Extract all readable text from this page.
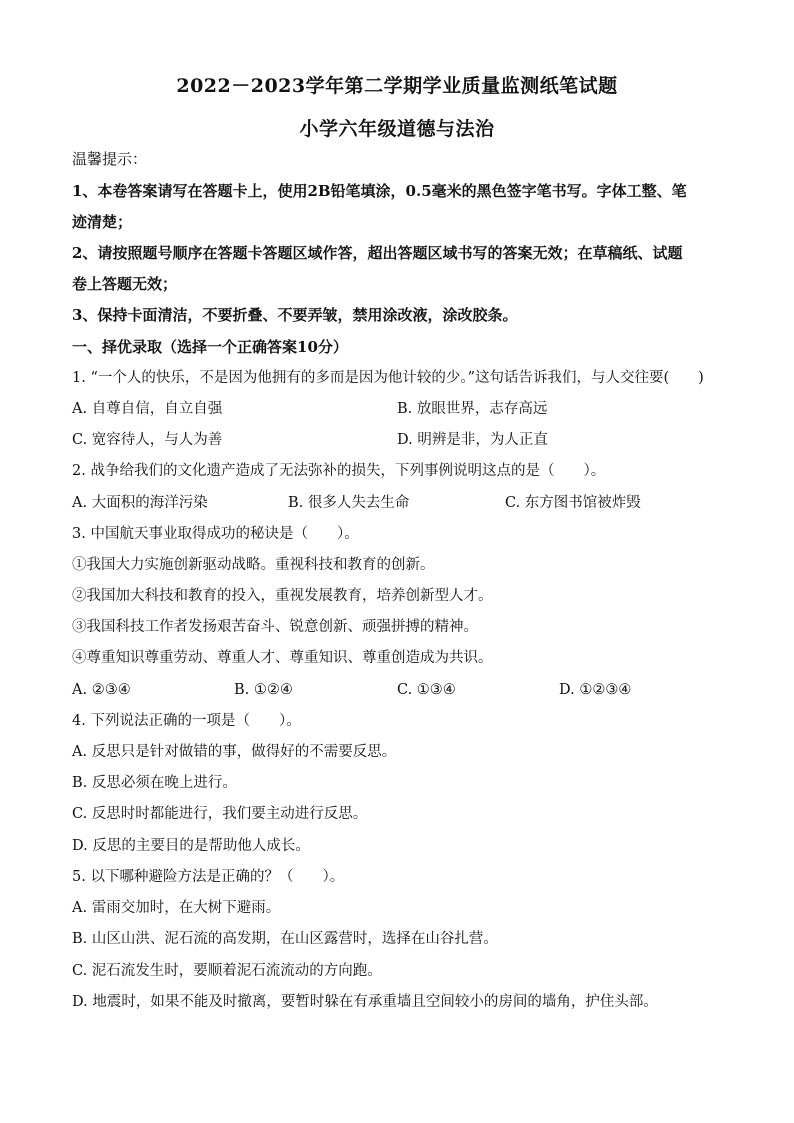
2022－2023学年第二学期学业质量监测纸笔试题
小学六年级道德与法治
温馨提示：
1、本卷答案请写在答题卡上，使用2B铅笔填涂，0.5毫米的黑色签字笔书写。字体工整、笔
迹清楚；
2、请按照题号顺序在答题卡答题区域作答，超出答题区域书写的答案无效；在草稿纸、试题
卷上答题无效；
3、保持卡面清洁，不要折叠、不要弄皱，禁用涂改液，涂改胶条。
一、择优录取（选择一个正确答案10分）
1. “一个人的快乐，不是因为他拥有的多而是因为他计较的少。”这句话告诉我们，与人交往要(　　)
A. 自尊自信，自立自强	B. 放眼世界，志存高远
C. 宽容待人，与人为善	D. 明辨是非，为人正直
2. 战争给我们的文化遗产造成了无法弥补的损失，下列事例说明这点的是（　　）。
A. 大面积的海洋污染	B. 很多人失去生命	C. 东方图书馆被炸毁
3. 中国航天事业取得成功的秘诀是（　　）。
①我国大力实施创新驱动战略。重视科技和教育的创新。
②我国加大科技和教育的投入，重视发展教育，培养创新型人才。
③我国科技工作者发扬艰苦奋斗、锐意创新、顽强拼搏的精神。
④尊重知识尊重劳动、尊重人才、尊重知识、尊重创造成为共识。
A. ②③④	B. ①②④	C. ①③④	D. ①②③④
4. 下列说法正确的一项是（　　）。
A. 反思只是针对做错的事，做得好的不需要反思。
B. 反思必须在晚上进行。
C. 反思时时都能进行，我们要主动进行反思。
D. 反思的主要目的是帮助他人成长。
5. 以下哪种避险方法是正确的？（　　）。
A. 雷雨交加时，在大树下避雨。
B. 山区山洪、泥石流的高发期，在山区露营时，选择在山谷扎营。
C. 泥石流发生时，要顺着泥石流流动的方向跑。
D. 地震时，如果不能及时撤离，要暂时躲在有承重墙且空间较小的房间的墙角，护住头部。
